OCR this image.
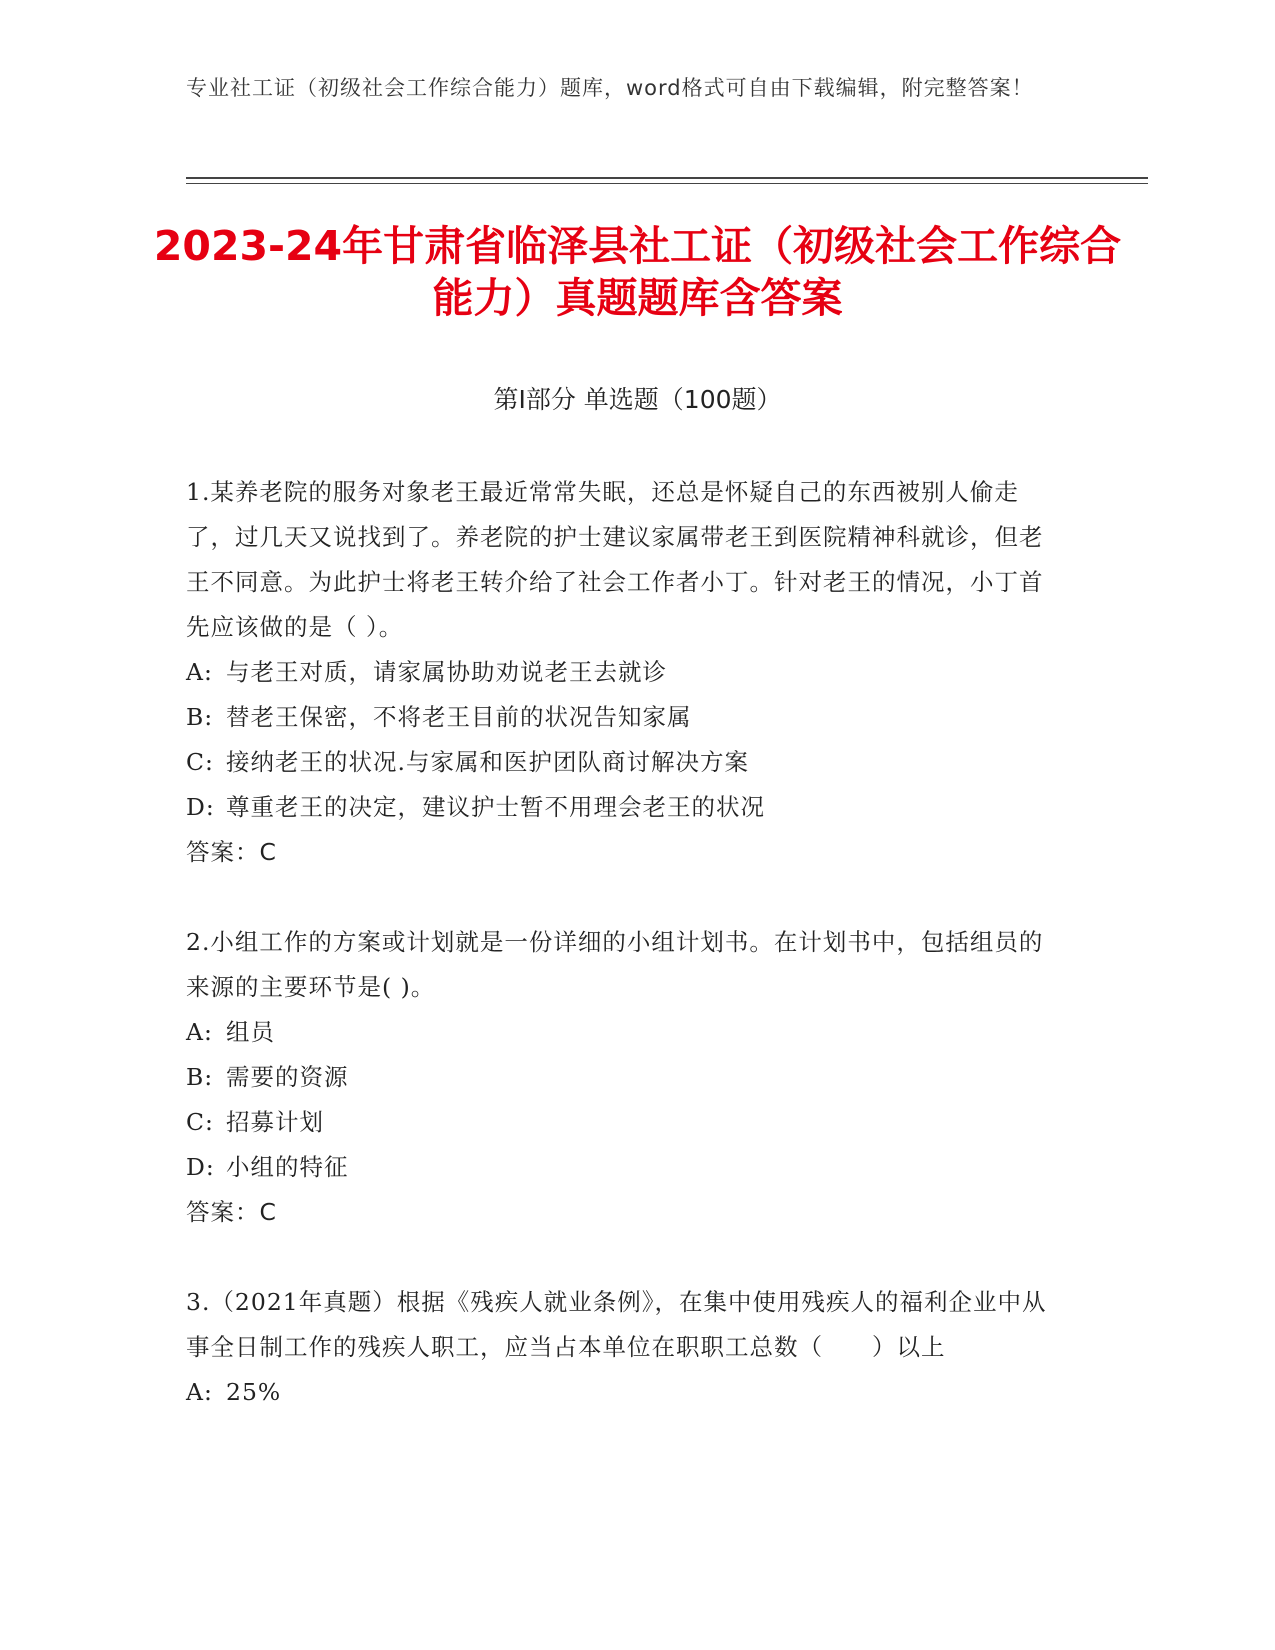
专业社工证（初级社会工作综合能力）题库，word格式可自由下载编辑，附完整答案！
2023-24年甘肃省临泽县社工证（初级社会工作综合能力）真题题库含答案
第Ⅰ部分 单选题（100题）

1.某养老院的服务对象老王最近常常失眠，还总是怀疑自己的东西被别人偷走了，过几天又说找到了。养老院的护士建议家属带老王到医院精神科就诊，但老王不同意。为此护士将老王转介给了社会工作者小丁。针对老王的情况，小丁首先应该做的是（ ）。

A: 与老王对质，请家属协助劝说老王去就诊

B: 替老王保密，不将老王目前的状况告知家属

C: 接纳老王的状况.与家属和医护团队商讨解决方案

D: 尊重老王的决定，建议护士暂不用理会老王的状况

答案：C

2.小组工作的方案或计划就是一份详细的小组计划书。在计划书中，包括组员的来源的主要环节是( )。

A: 组员

B: 需要的资源

C: 招募计划

D: 小组的特征

答案：C

3.（2021年真题）根据《残疾人就业条例》，在集中使用残疾人的福利企业中从事全日制工作的残疾人职工，应当占本单位在职职工总数（　　）以上

A: 25%
